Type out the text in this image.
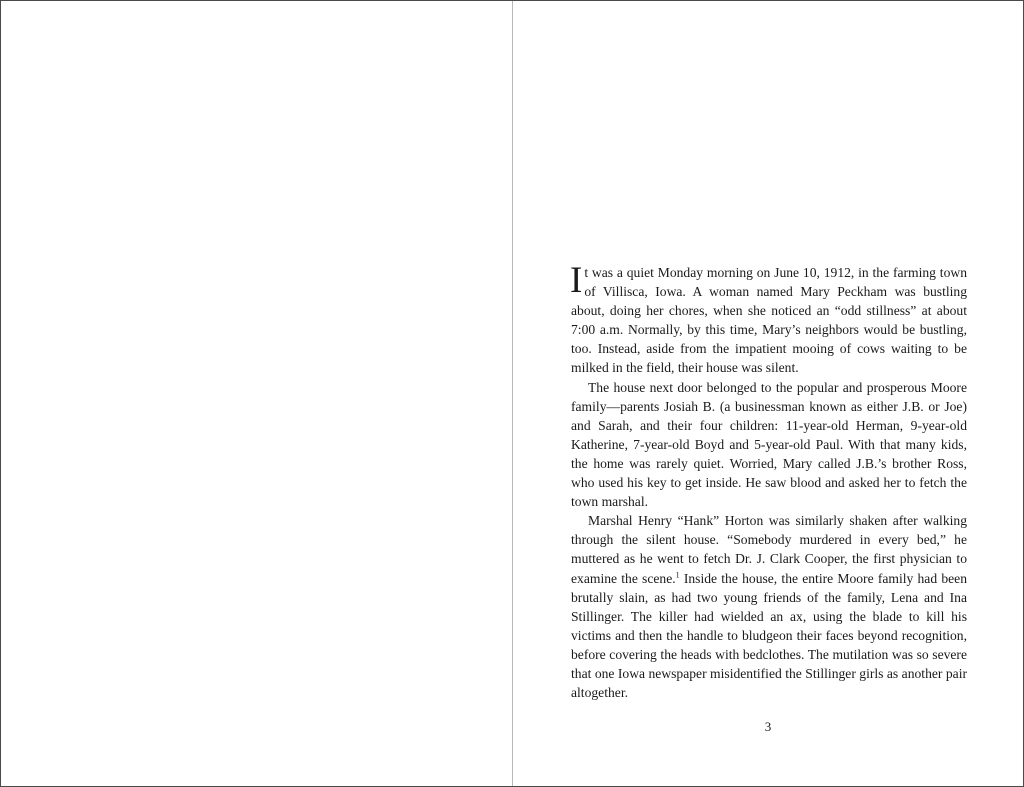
It was a quiet Monday morning on June 10, 1912, in the farming town of Villisca, Iowa. A woman named Mary Peckham was bustling about, doing her chores, when she noticed an “odd stillness” at about 7:00 a.m. Normally, by this time, Mary’s neighbors would be bustling, too. Instead, aside from the impatient mooing of cows waiting to be milked in the field, their house was silent.

The house next door belonged to the popular and prosperous Moore family—parents Josiah B. (a businessman known as either J.B. or Joe) and Sarah, and their four children: 11-year-old Herman, 9-year-old Katherine, 7-year-old Boyd and 5-year-old Paul. With that many kids, the home was rarely quiet. Worried, Mary called J.B.’s brother Ross, who used his key to get inside. He saw blood and asked her to fetch the town marshal.

Marshal Henry “Hank” Horton was similarly shaken after walking through the silent house. “Somebody murdered in every bed,” he muttered as he went to fetch Dr. J. Clark Cooper, the first physician to examine the scene.$^1$ Inside the house, the entire Moore family had been brutally slain, as had two young friends of the family, Lena and Ina Stillinger. The killer had wielded an ax, using the blade to kill his victims and then the handle to bludgeon their faces beyond recognition, before covering the heads with bedclothes. The mutilation was so severe that one Iowa newspaper misidentified the Stillinger girls as another pair altogether.

3
